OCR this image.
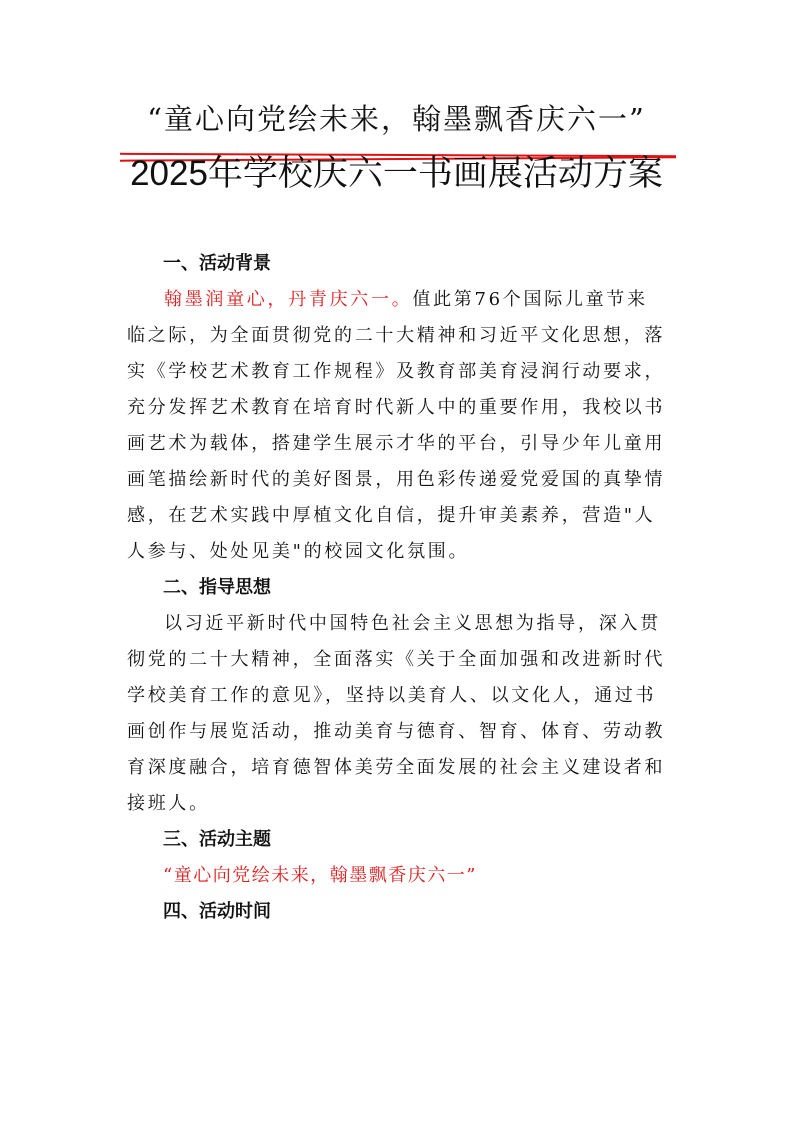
“童心向党绘未来，翰墨飘香庆六一”
2025年学校庆六一书画展活动方案
一、活动背景
翰墨润童心，丹青庆六一。值此第76个国际儿童节来
临之际，为全面贯彻党的二十大精神和习近平文化思想，落
实《学校艺术教育工作规程》及教育部美育浸润行动要求，
充分发挥艺术教育在培育时代新人中的重要作用，我校以书
画艺术为载体，搭建学生展示才华的平台，引导少年儿童用
画笔描绘新时代的美好图景，用色彩传递爱党爱国的真挚情
感，在艺术实践中厚植文化自信，提升审美素养，营造"人
人参与、处处见美"的校园文化氛围。
二、指导思想
以习近平新时代中国特色社会主义思想为指导，深入贯
彻党的二十大精神，全面落实《关于全面加强和改进新时代
学校美育工作的意见》，坚持以美育人、以文化人，通过书
画创作与展览活动，推动美育与德育、智育、体育、劳动教
育深度融合，培育德智体美劳全面发展的社会主义建设者和
接班人。
三、活动主题
“童心向党绘未来，翰墨飘香庆六一”
四、活动时间
